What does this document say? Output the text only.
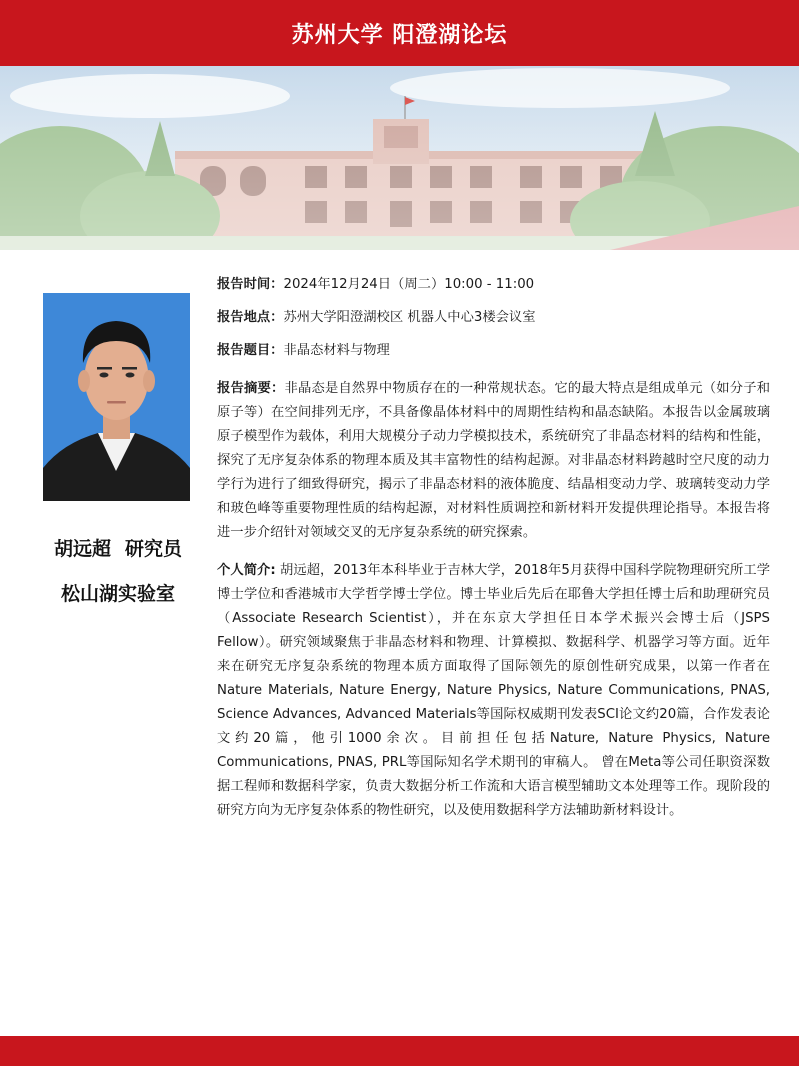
苏州大学 阳澄湖论坛
胡远超 研究员
松山湖实验室

报告时间：2024年12月24日（周二）10:00 - 11:00

报告地点：苏州大学阳澄湖校区 机器人中心3楼会议室

报告题目：非晶态材料与物理

报告摘要：非晶态是自然界中物质存在的一种常规状态。它的最大特点是组成单元（如分子和原子等）在空间排列无序，不具备像晶体材料中的周期性结构和晶态缺陷。本报告以金属玻璃原子模型作为载体，利用大规模分子动力学模拟技术，系统研究了非晶态材料的结构和性能，探究了无序复杂体系的物理本质及其丰富物性的结构起源。对非晶态材料跨越时空尺度的动力学行为进行了细致得研究，揭示了非晶态材料的液体脆度、结晶相变动力学、玻璃转变动力学和玻色峰等重要物理性质的结构起源，对材料性质调控和新材料开发提供理论指导。本报告将进一步介绍针对领域交叉的无序复杂系统的研究探索。

个人简介: 胡远超，2013年本科毕业于吉林大学，2018年5月获得中国科学院物理研究所工学博士学位和香港城市大学哲学博士学位。博士毕业后先后在耶鲁大学担任博士后和助理研究员（Associate Research Scientist），并在东京大学担任日本学术振兴会博士后（JSPS Fellow）。研究领域聚焦于非晶态材料和物理、计算模拟、数据科学、机器学习等方面。近年来在研究无序复杂系统的物理本质方面取得了国际领先的原创性研究成果，以第一作者在Nature Materials, Nature Energy, Nature Physics, Nature Communications, PNAS, Science Advances, Advanced Materials等国际权威期刊发表SCI论文约20篇，合作发表论文约20篇，他引1000余次。目前担任包括Nature, Nature Physics, Nature Communications, PNAS, PRL等国际知名学术期刊的审稿人。 曾在Meta等公司任职资深数据工程师和数据科学家，负责大数据分析工作流和大语言模型辅助文本处理等工作。现阶段的研究方向为无序复杂体系的物性研究，以及使用数据科学方法辅助新材料设计。
